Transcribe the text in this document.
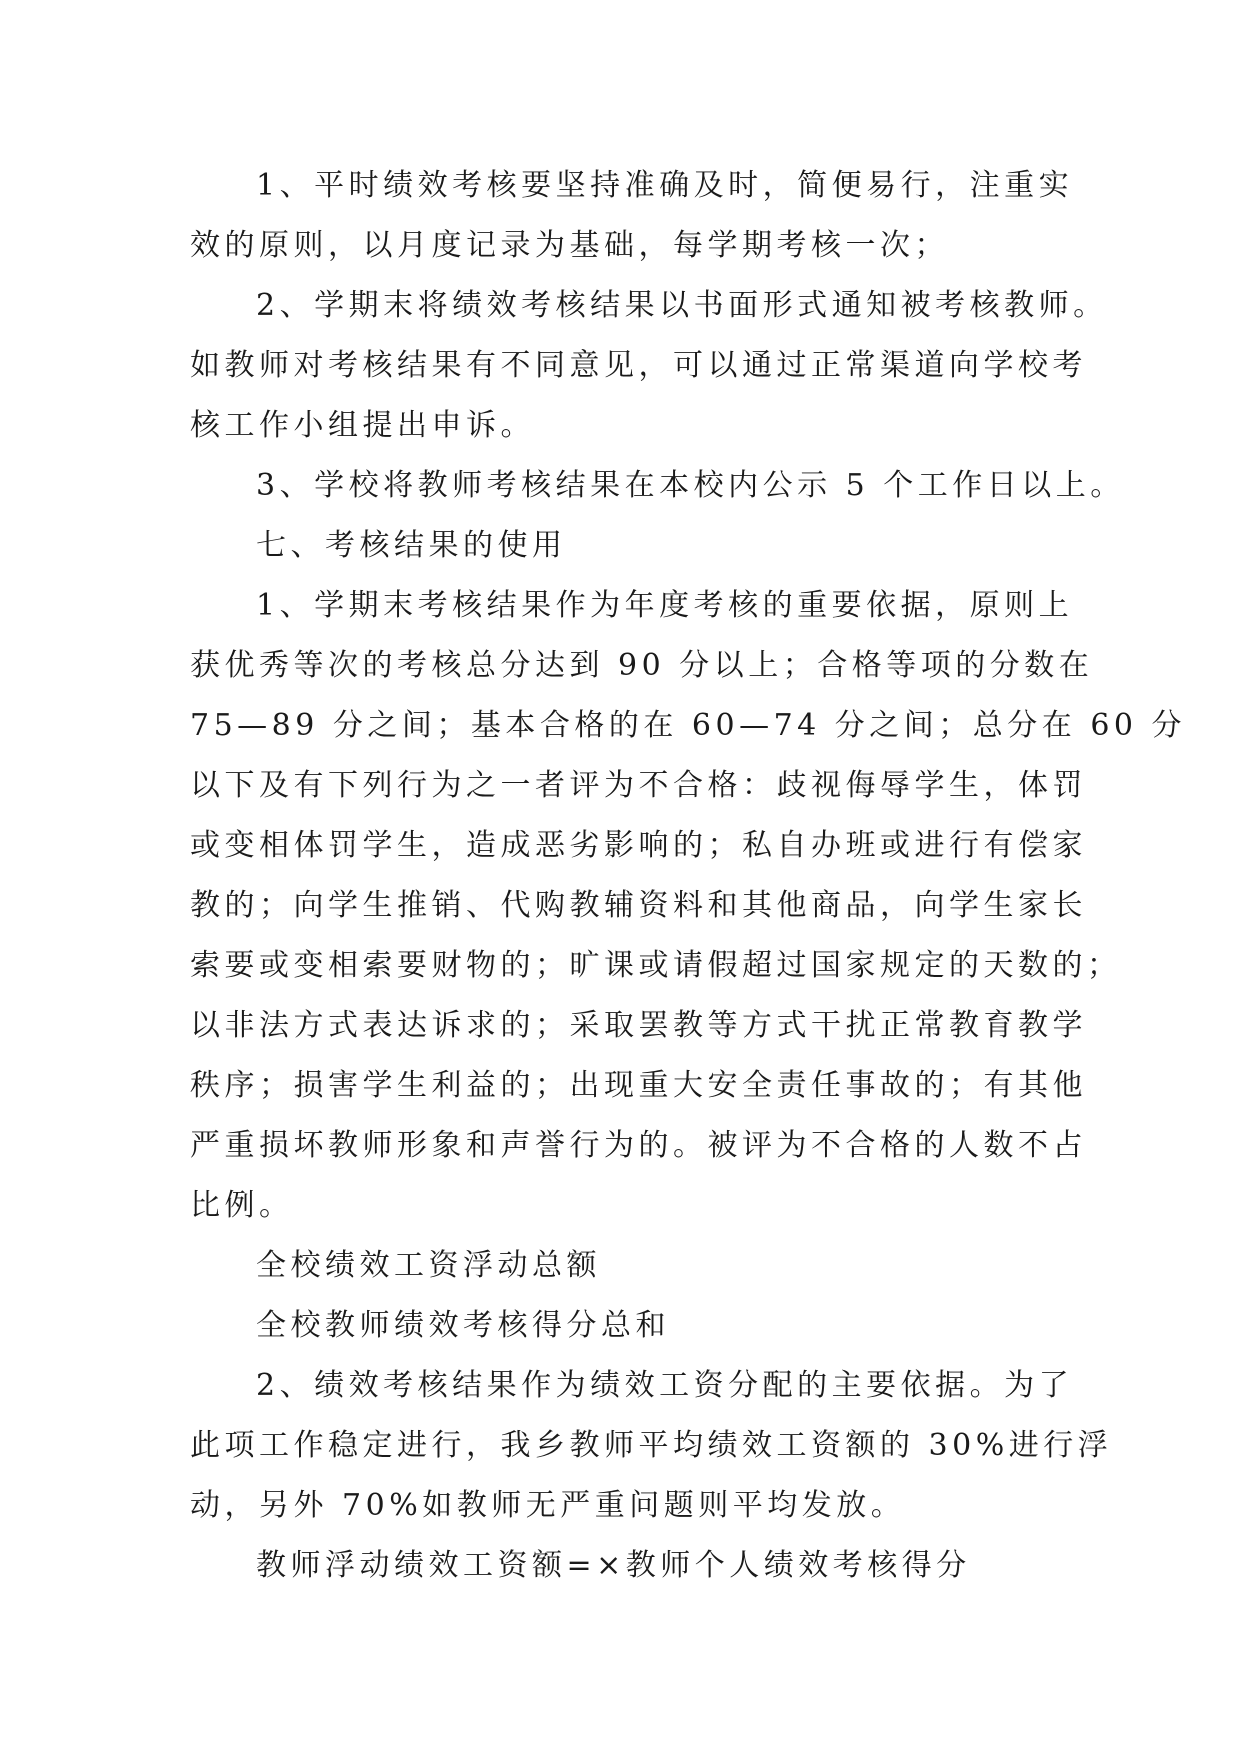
1、平时绩效考核要坚持准确及时，简便易行，注重实

效的原则，以月度记录为基础，每学期考核一次；

2、学期末将绩效考核结果以书面形式通知被考核教师。

如教师对考核结果有不同意见，可以通过正常渠道向学校考

核工作小组提出申诉。

3、学校将教师考核结果在本校内公示 5 个工作日以上。

七、考核结果的使用

1、学期末考核结果作为年度考核的重要依据，原则上

获优秀等次的考核总分达到 90 分以上；合格等项的分数在

75—89 分之间；基本合格的在 60—74 分之间；总分在 60 分

以下及有下列行为之一者评为不合格：歧视侮辱学生，体罚

或变相体罚学生，造成恶劣影响的；私自办班或进行有偿家

教的；向学生推销、代购教辅资料和其他商品，向学生家长

索要或变相索要财物的；旷课或请假超过国家规定的天数的；

以非法方式表达诉求的；采取罢教等方式干扰正常教育教学

秩序；损害学生利益的；出现重大安全责任事故的；有其他

严重损坏教师形象和声誉行为的。被评为不合格的人数不占

比例。

全校绩效工资浮动总额

全校教师绩效考核得分总和

2、绩效考核结果作为绩效工资分配的主要依据。为了

此项工作稳定进行，我乡教师平均绩效工资额的 30%进行浮

动，另外 70%如教师无严重问题则平均发放。

教师浮动绩效工资额=×教师个人绩效考核得分
